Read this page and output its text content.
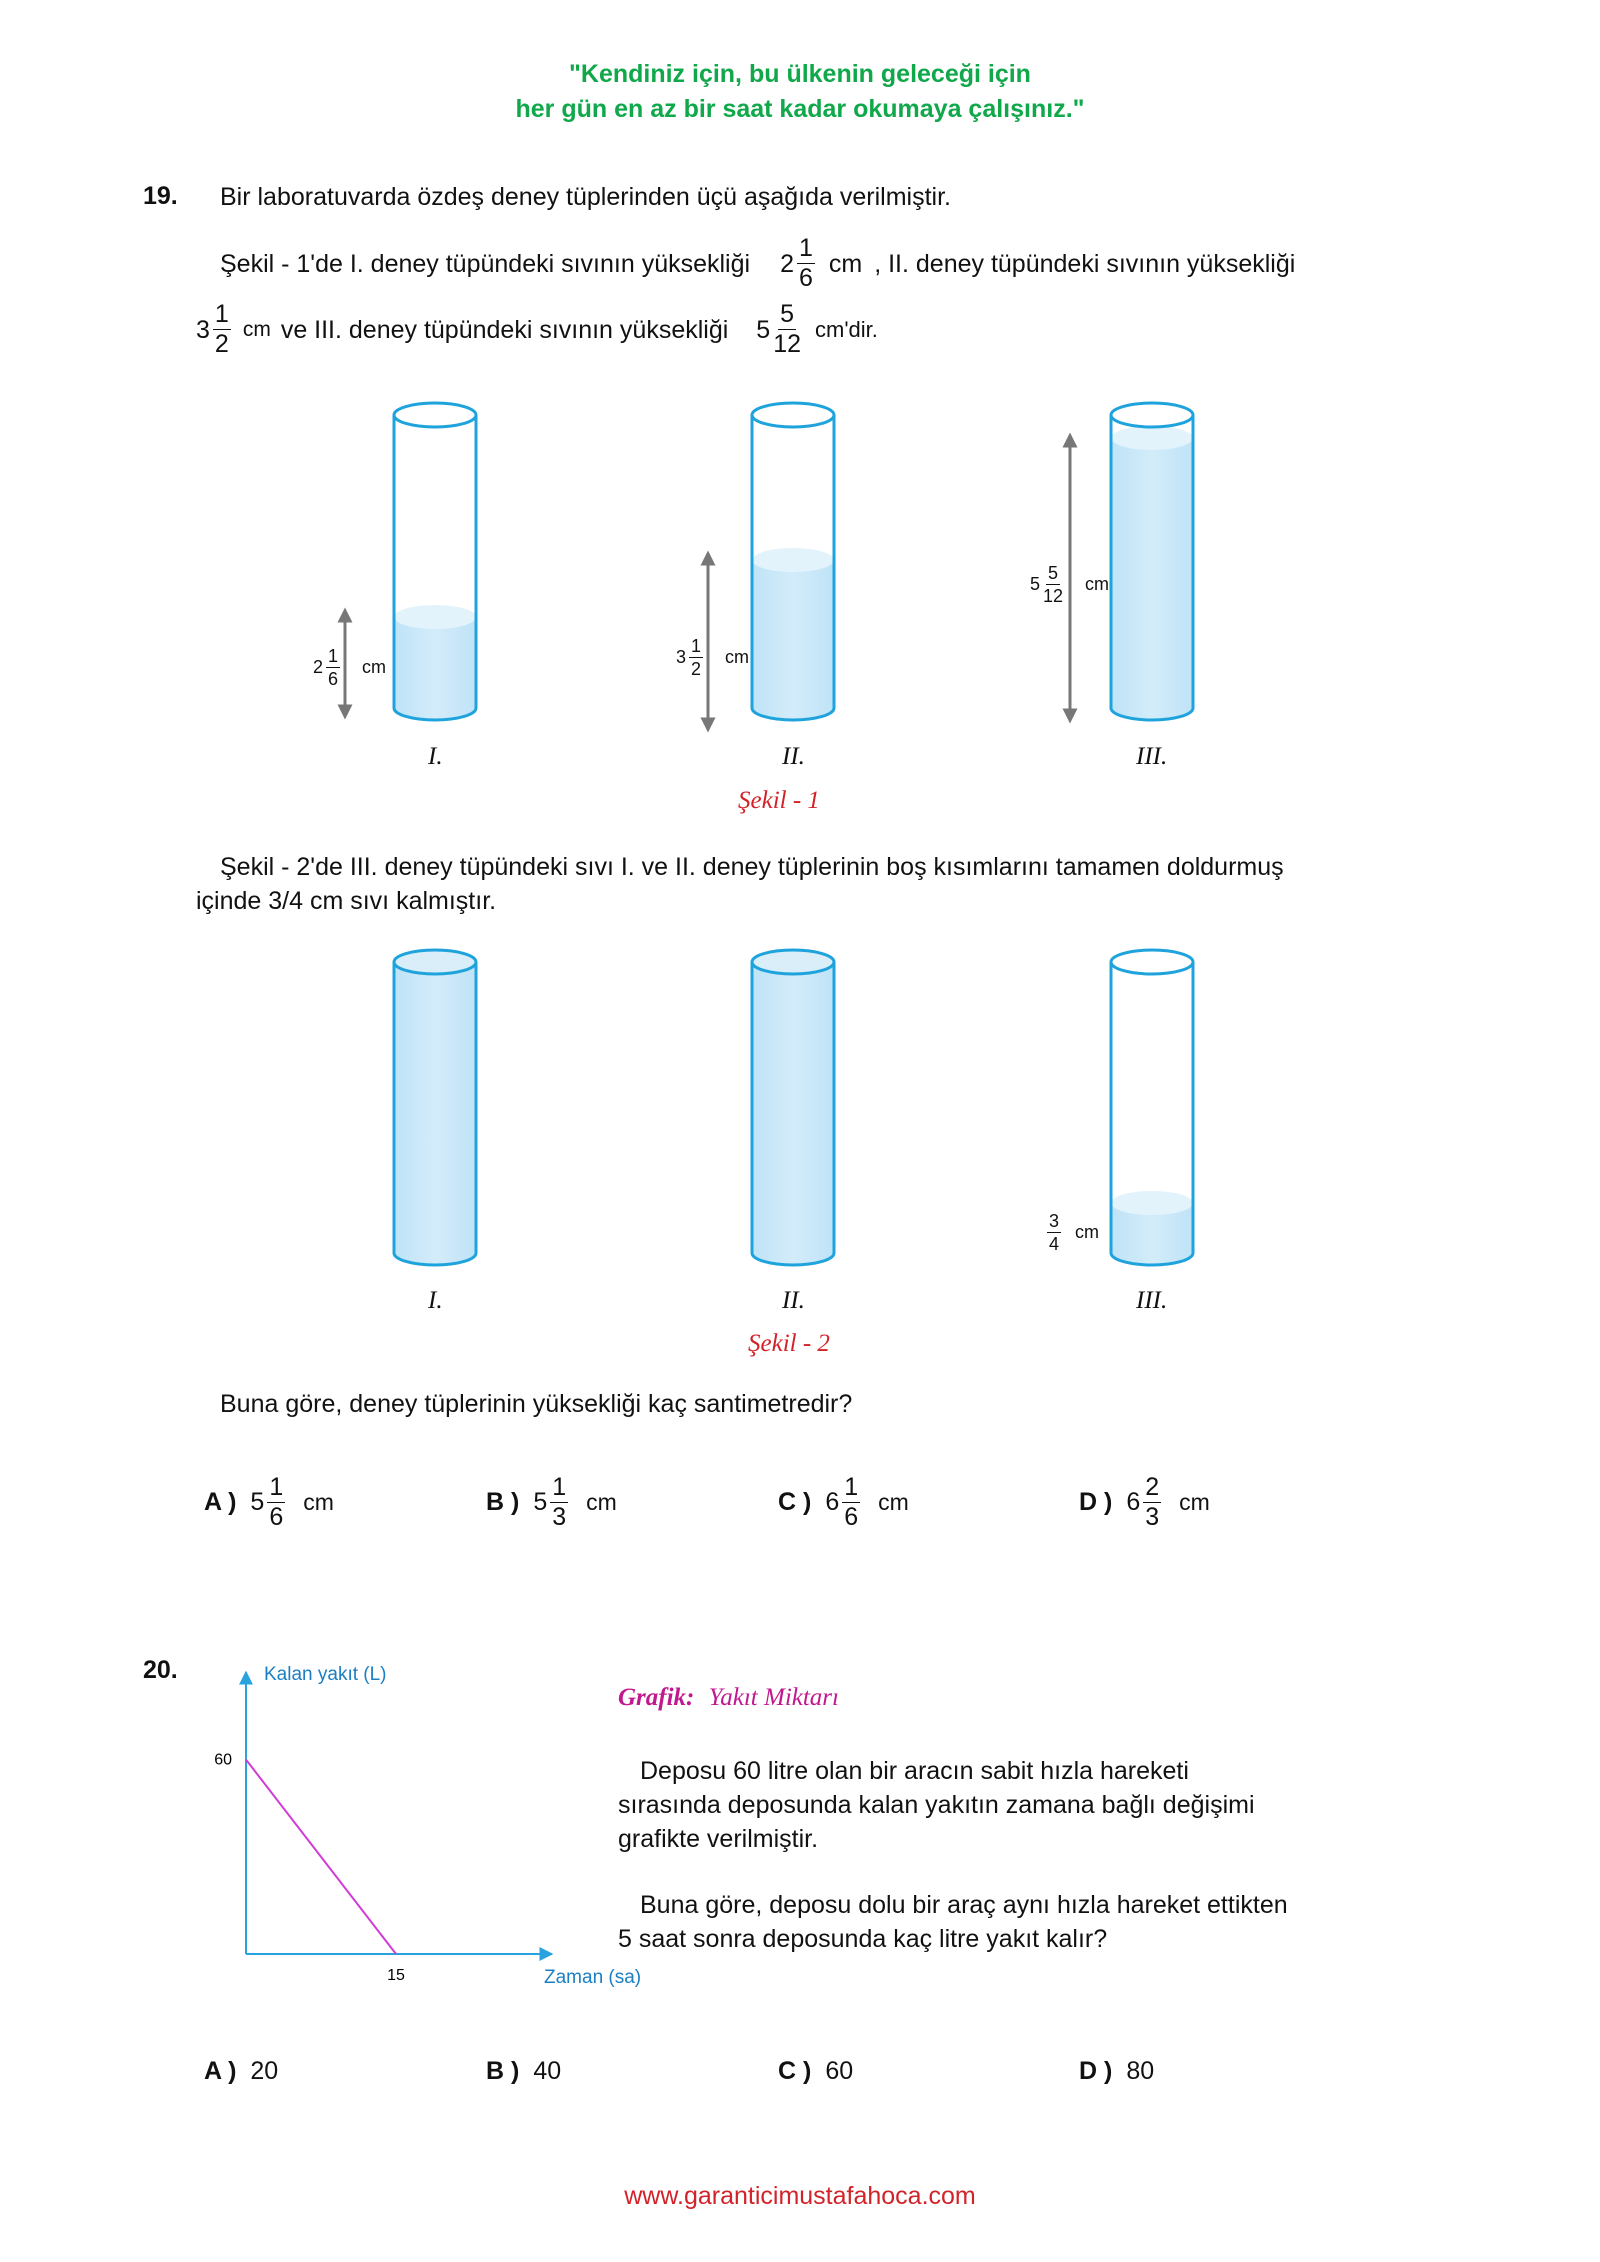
"Kendiniz için, bu ülkenin geleceği için
her gün en az bir saat kadar okumaya çalışınız."
19. Bir laboratuvarda özdeş deney tüplerinden üçü aşağıda verilmiştir.
Şekil - 1'de I. deney tüpündeki sıvının yüksekliği $2 \frac{1}{6}$ cm , II. deney tüpündeki sıvının yüksekliği
$3 \frac{1}{2}$ cm ve III. deney tüpündeki sıvının yüksekliği $5 \frac{5}{12} cm'dir$.
$2 \frac{1}{6}$ cm	$3 \frac{1}{2}$ cm
$5 \frac{5}{12}$ cm
I.	II.	III.
Şekil - 1
Şekil - 2'de III. deney tüpündeki sıvı I. ve II. deney tüplerinin boş kısımlarını tamamen doldurmuş
içinde 3/4 cm sıvı kalmıştır.
$\frac{3}{4}$ cm
I.	II.	III.
Şekil - 2
Buna göre, deney tüplerinin yüksekliği kaç santimetredir?
A ) $5 \frac{1}{6}$ cm	B ) $5 \frac{1}{3}$ cm	C ) $6 \frac{1}{6}$ cm	D ) $6 \frac{2}{3}$ cm
20.
15
60
Kalan yakıt (L)
Zaman (sa)
Grafik: Yakıt Miktarı
Deposu 60 litre olan bir aracın sabit hızla hareketi
sırasında deposunda kalan yakıtın zamana bağlı değişimi
grafikte verilmiştir.
Buna göre, deposu dolu bir araç aynı hızla hareket ettikten
5 saat sonra deposunda kaç litre yakıt kalır?
A ) 20	B ) 40	C ) 60	D ) 80
www.garanticimustafahoca.com
